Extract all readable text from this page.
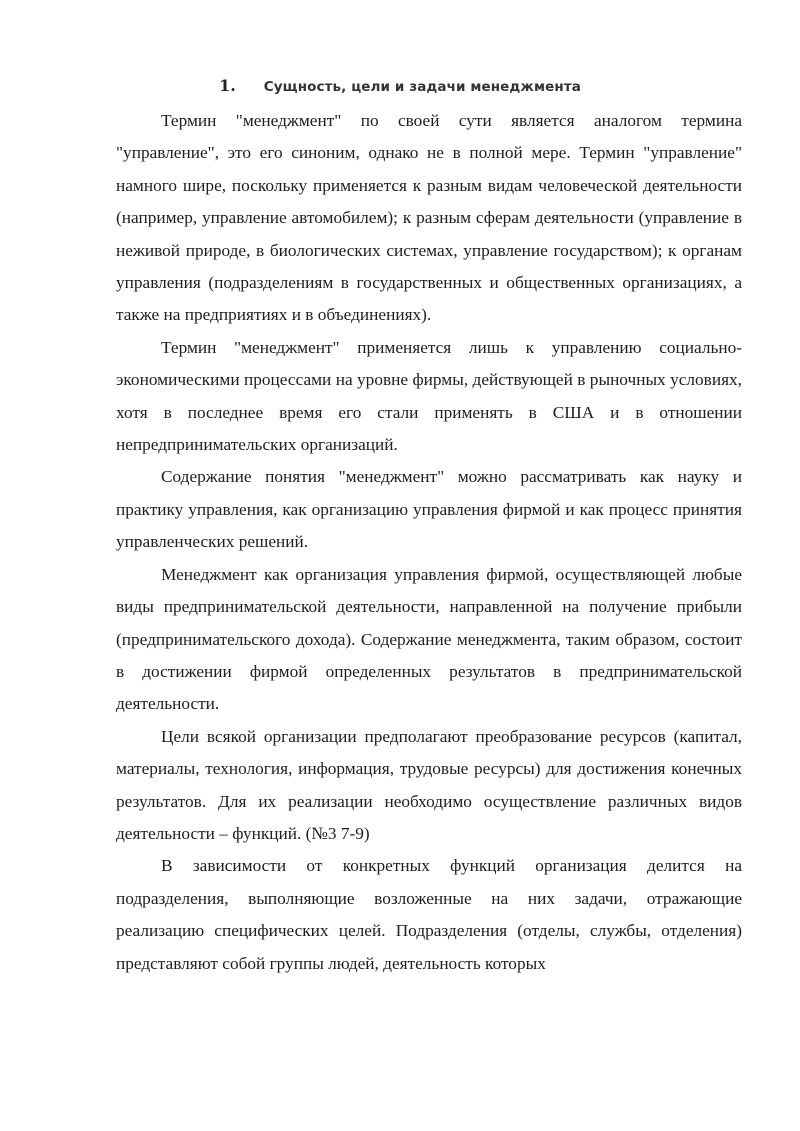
1. Сущность, цели и задачи менеджмента

Термин "менеджмент" по своей сути является аналогом термина "управление", это его синоним, однако не в полной мере. Термин "управление" намного шире, поскольку применяется к разным видам человеческой деятельности (например, управление автомобилем); к разным сферам деятельности (управление в неживой природе, в биологических системах, управление государством); к органам управления (подразделениям в государственных и общественных организациях, а также на предприятиях и в объединениях).

Термин "менеджмент" применяется лишь к управлению социально-экономическими процессами на уровне фирмы, действующей в рыночных условиях, хотя в последнее время его стали применять в США и в отношении непредпринимательских организаций.

Содержание понятия "менеджмент" можно рассматривать как науку и практику управления, как организацию управления фирмой и как процесс принятия управленческих решений.

Менеджмент как организация управления фирмой, осуществляющей любые виды предпринимательской деятельности, направленной на получение прибыли (предпринимательского дохода). Содержание менеджмента, таким образом, состоит в достижении фирмой определенных результатов в предпринимательской деятельности.

Цели всякой организации предполагают преобразование ресурсов (капитал, материалы, технология, информация, трудовые ресурсы) для достижения конечных результатов. Для их реализации необходимо осуществление различных видов деятельности – функций. (№3 7-9)

В зависимости от конкретных функций организация делится на подразделения, выполняющие возложенные на них задачи, отражающие реализацию специфических целей. Подразделения (отделы, службы, отделения) представляют собой группы людей, деятельность которых
